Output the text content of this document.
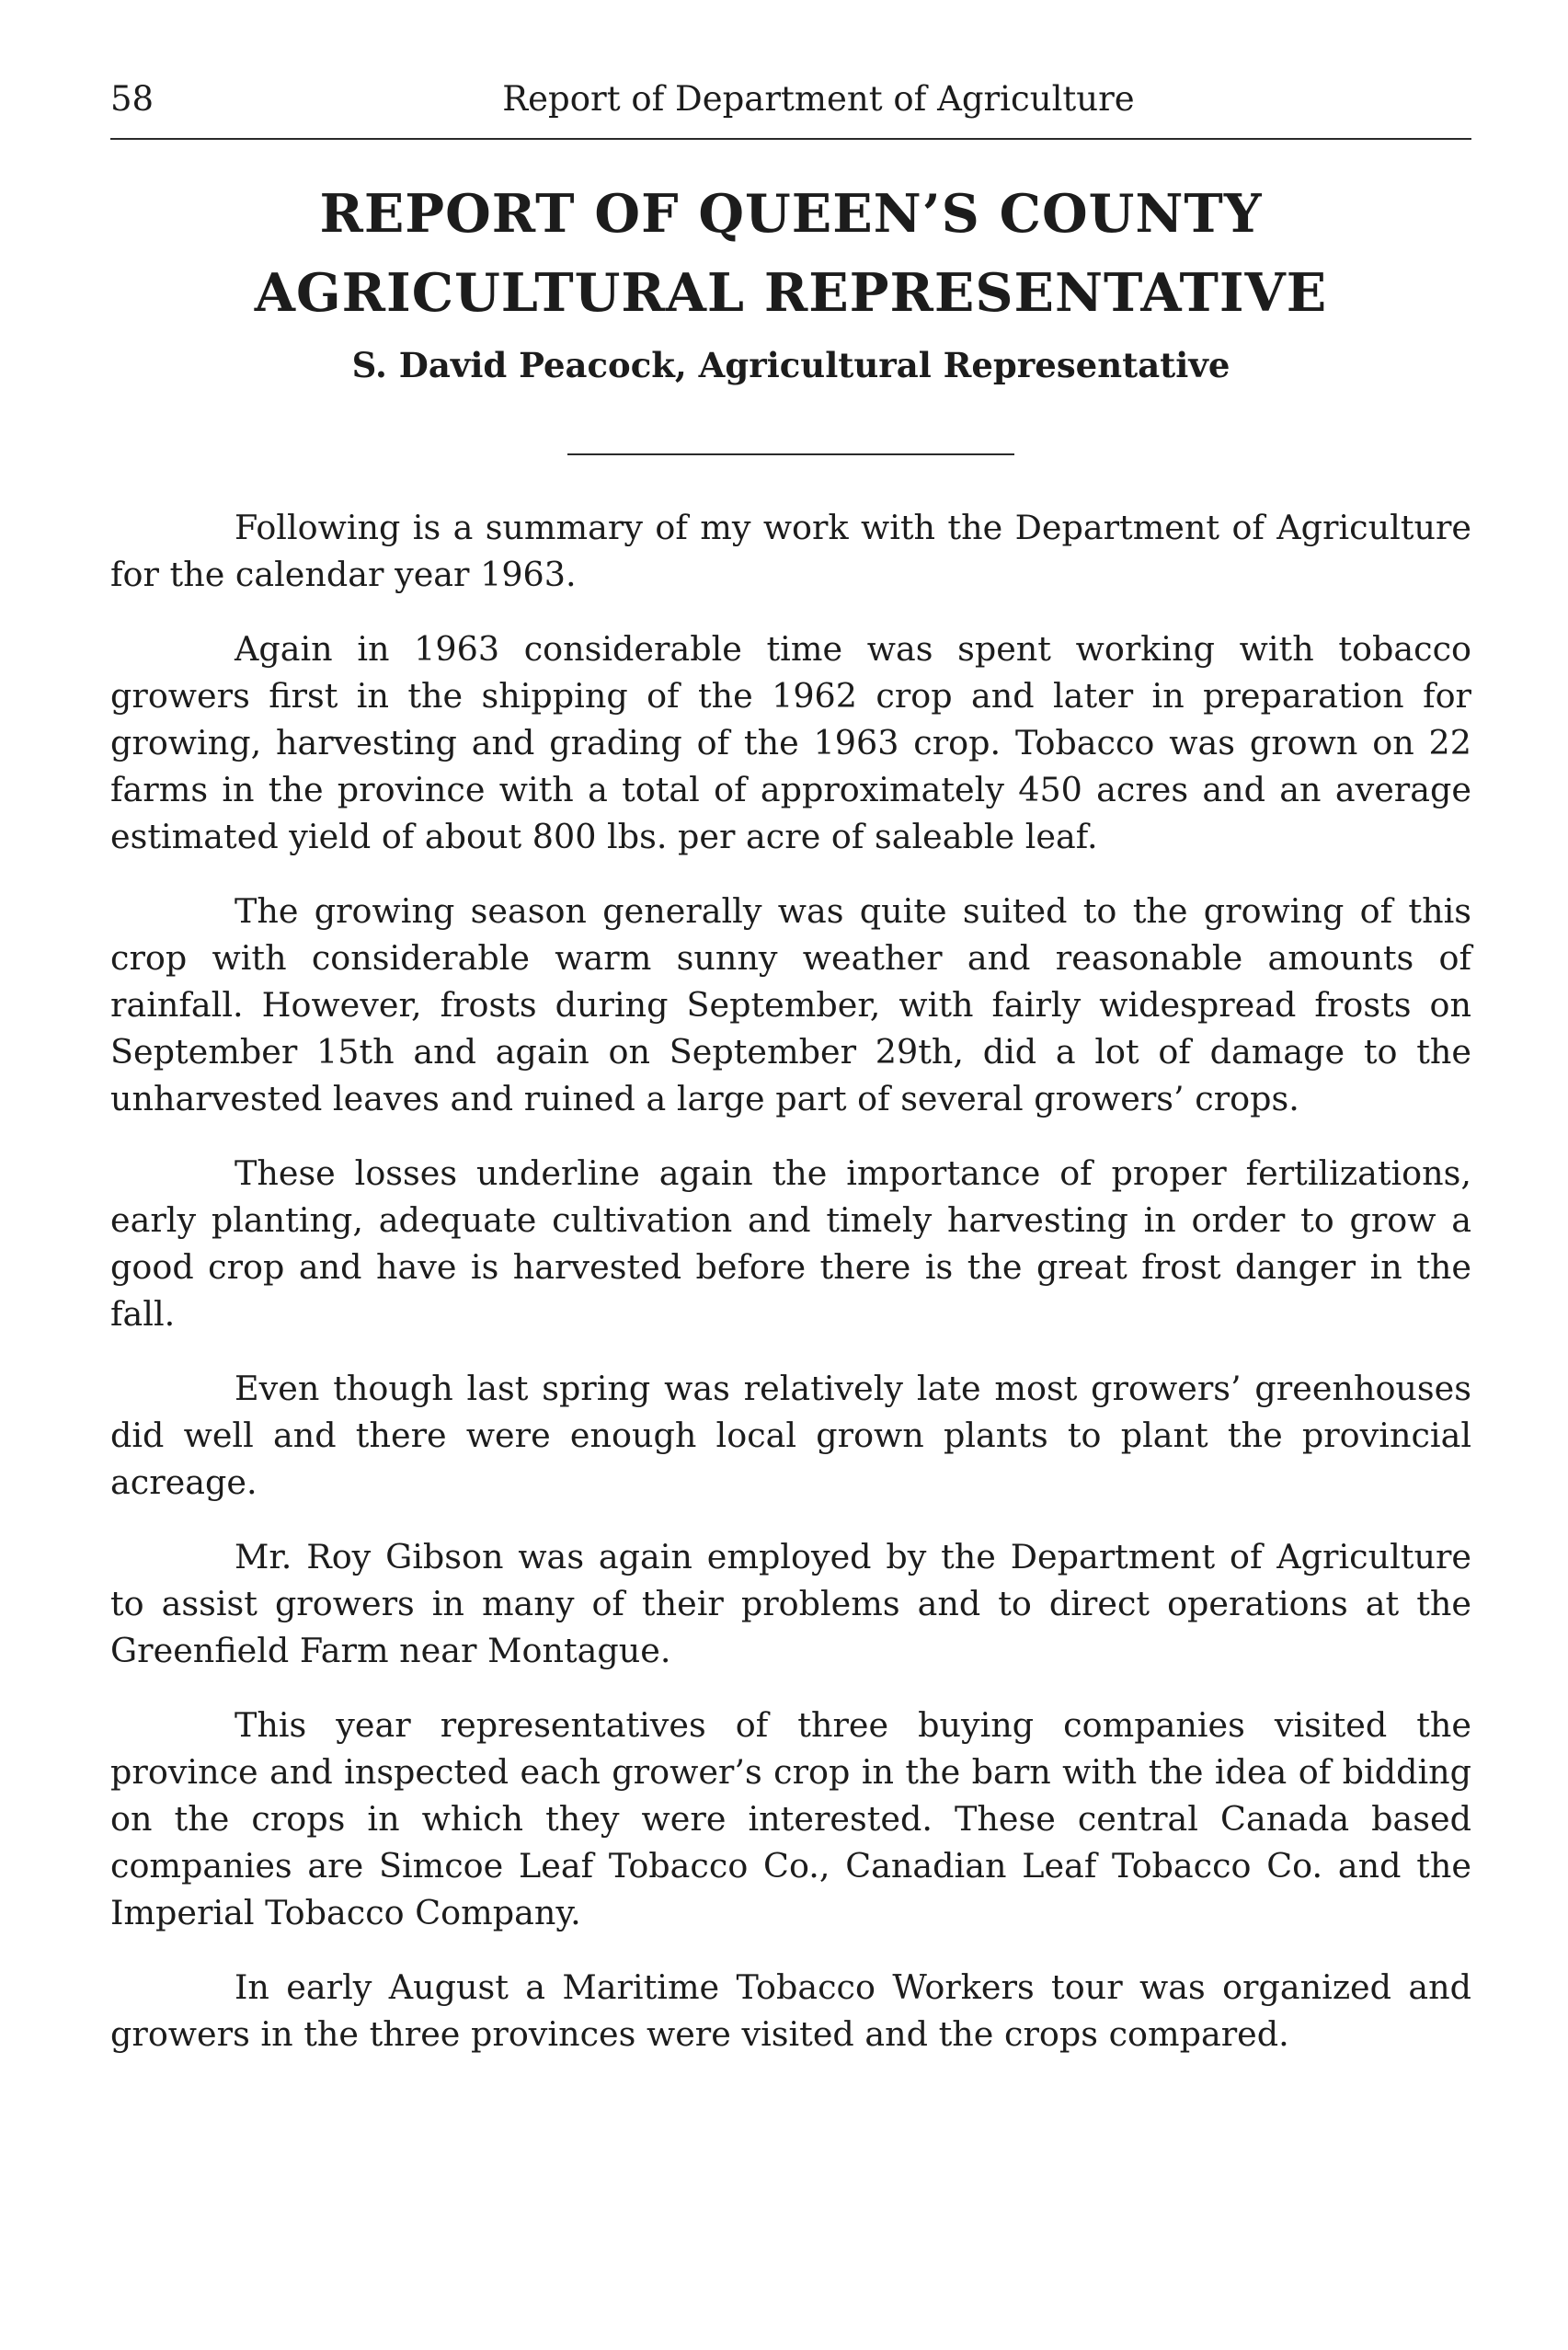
58	Report of Department of Agriculture
REPORT OF QUEEN’S COUNTY
AGRICULTURAL REPRESENTATIVE
S. David Peacock, Agricultural Representative

Following is a summary of my work with the Department of Agriculture for the calendar year 1963.

Again in 1963 considerable time was spent working with tobacco growers first in the shipping of the 1962 crop and later in preparation for growing, harvesting and grading of the 1963 crop. Tobacco was grown on 22 farms in the province with a total of approximately 450 acres and an average estimated yield of about 800 lbs. per acre of saleable leaf.

The growing season generally was quite suited to the growing of this crop with considerable warm sunny weather and reasonable amounts of rainfall. However, frosts during September, with fairly widespread frosts on September 15th and again on September 29th, did a lot of damage to the unharvested leaves and ruined a large part of several growers’ crops.

These losses underline again the importance of proper fertilizations, early planting, adequate cultivation and timely harvesting in order to grow a good crop and have is harvested before there is the great frost danger in the fall.

Even though last spring was relatively late most growers’ greenhouses did well and there were enough local grown plants to plant the provincial acreage.

Mr. Roy Gibson was again employed by the Department of Agriculture to assist growers in many of their problems and to direct operations at the Greenfield Farm near Montague.

This year representatives of three buying companies visited the province and inspected each grower’s crop in the barn with the idea of bidding on the crops in which they were interested. These central Canada based companies are Simcoe Leaf Tobacco Co., Canadian Leaf Tobacco Co. and the Imperial Tobacco Company.

In early August a Maritime Tobacco Workers tour was organized and growers in the three provinces were visited and the crops compared.
